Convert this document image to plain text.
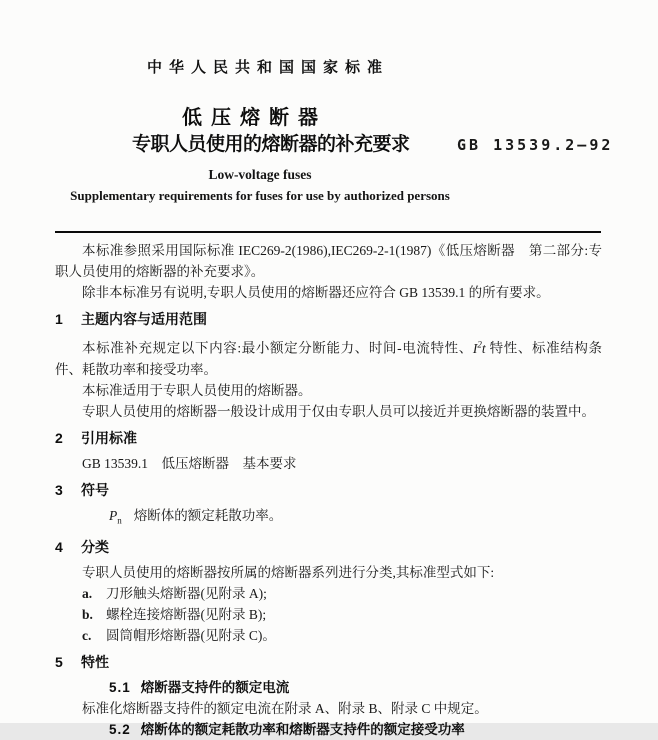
中华人民共和国国家标准
低压熔断器
专职人员使用的熔断器的补充要求	GB 13539.2—92
Low-voltage fuses
Supplementary requirements for fuses for use by authorized persons

本标准参照采用国际标准 IEC269-2(1986),IEC269-2-1(1987)《低压熔断器　第二部分:专职人员使用的熔断器的补充要求》。

除非本标准另有说明,专职人员使用的熔断器还应符合 GB 13539.1 的所有要求。

1 主题内容与适用范围

本标准补充规定以下内容:最小额定分断能力、时间-电流特性、$I^2t$ 特性、标准结构条件、耗散功率和接受功率。

本标准适用于专职人员使用的熔断器。

专职人员使用的熔断器一般设计成用于仅由专职人员可以接近并更换熔断器的装置中。

2 引用标准

GB 13539.1　低压熔断器　基本要求

3 符号

$P_n$ 熔断体的额定耗散功率。

4 分类

专职人员使用的熔断器按所属的熔断器系列进行分类,其标准型式如下:

a.	刀形触头熔断器(见附录 A);
b. 螺栓连接熔断器(见附录 B);
c.	圆筒帽形熔断器(见附录 C)。
5 特性

5.1 熔断器支持件的额定电流

标准化熔断器支持件的额定电流在附录 A、附录 B、附录 C 中规定。

5.2 熔断体的额定耗散功率和熔断器支持件的额定接受功率
